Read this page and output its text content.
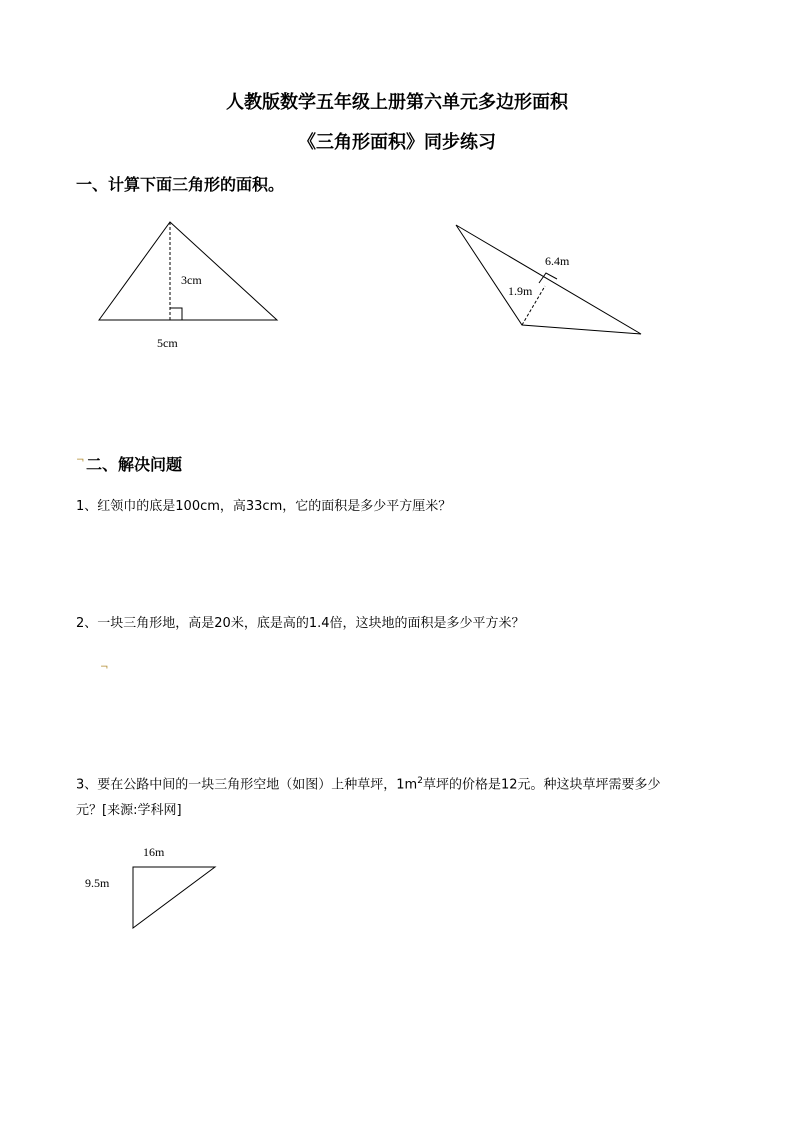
人教版数学五年级上册第六单元多边形面积
《三角形面积》同步练习
一、计算下面三角形的面积。
3cm
5cm
6.4m
1.9m
¬ 二、解决问题
1、红领巾的底是100cm，高33cm，它的面积是多少平方厘米？
2、一块三角形地，高是20米，底是高的1.4倍，这块地的面积是多少平方米？
¬
3、要在公路中间的一块三角形空地（如图）上种草坪，$1m^2$草坪的价格是12元。种这块草坪需要多少
元？[来源:学科网]
16m
9.5m
